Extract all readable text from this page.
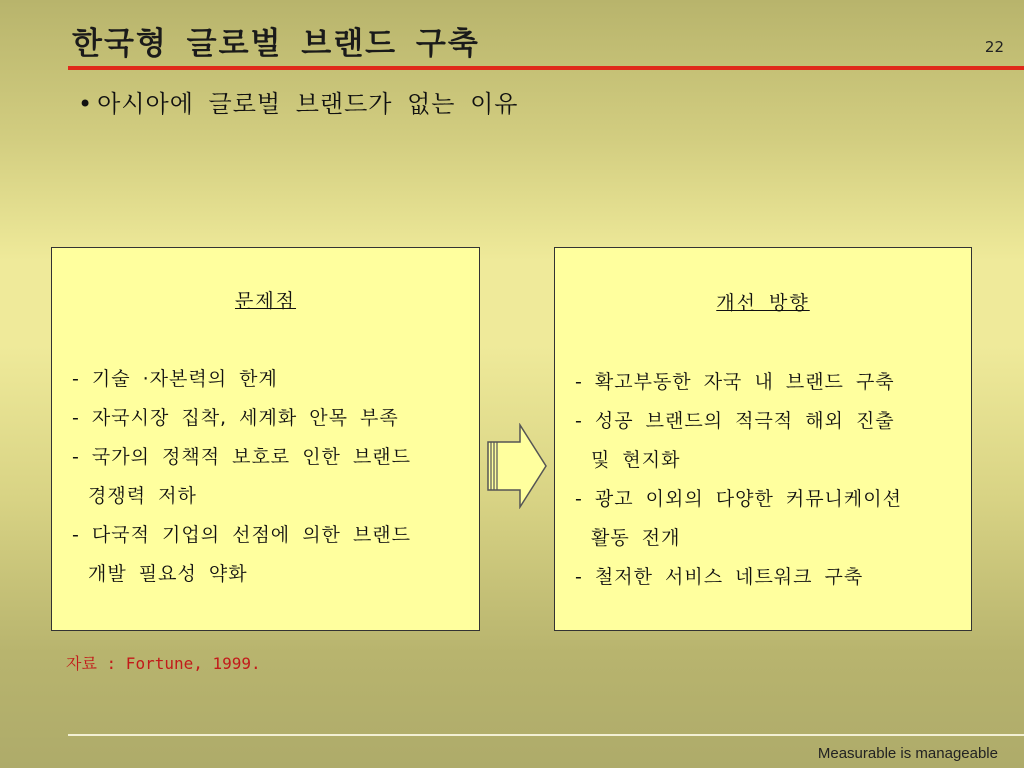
한국형 글로벌 브랜드 구축	22
• 아시아에 글로벌 브랜드가 없는 이유
문제점
- 기술 ·자본력의 한계
- 자국시장 집착, 세계화 안목 부족
- 국가의 정책적 보호로 인한 브랜드
경쟁력 저하
- 다국적 기업의 선점에 의한 브랜드
개발 필요성 약화
개선 방향
- 확고부동한 자국 내 브랜드 구축
- 성공 브랜드의 적극적 해외 진출
및 현지화
- 광고 이외의 다양한 커뮤니케이션
활동 전개
- 철저한 서비스 네트워크 구축
자료 : Fortune, 1999.
Measurable is manageable
